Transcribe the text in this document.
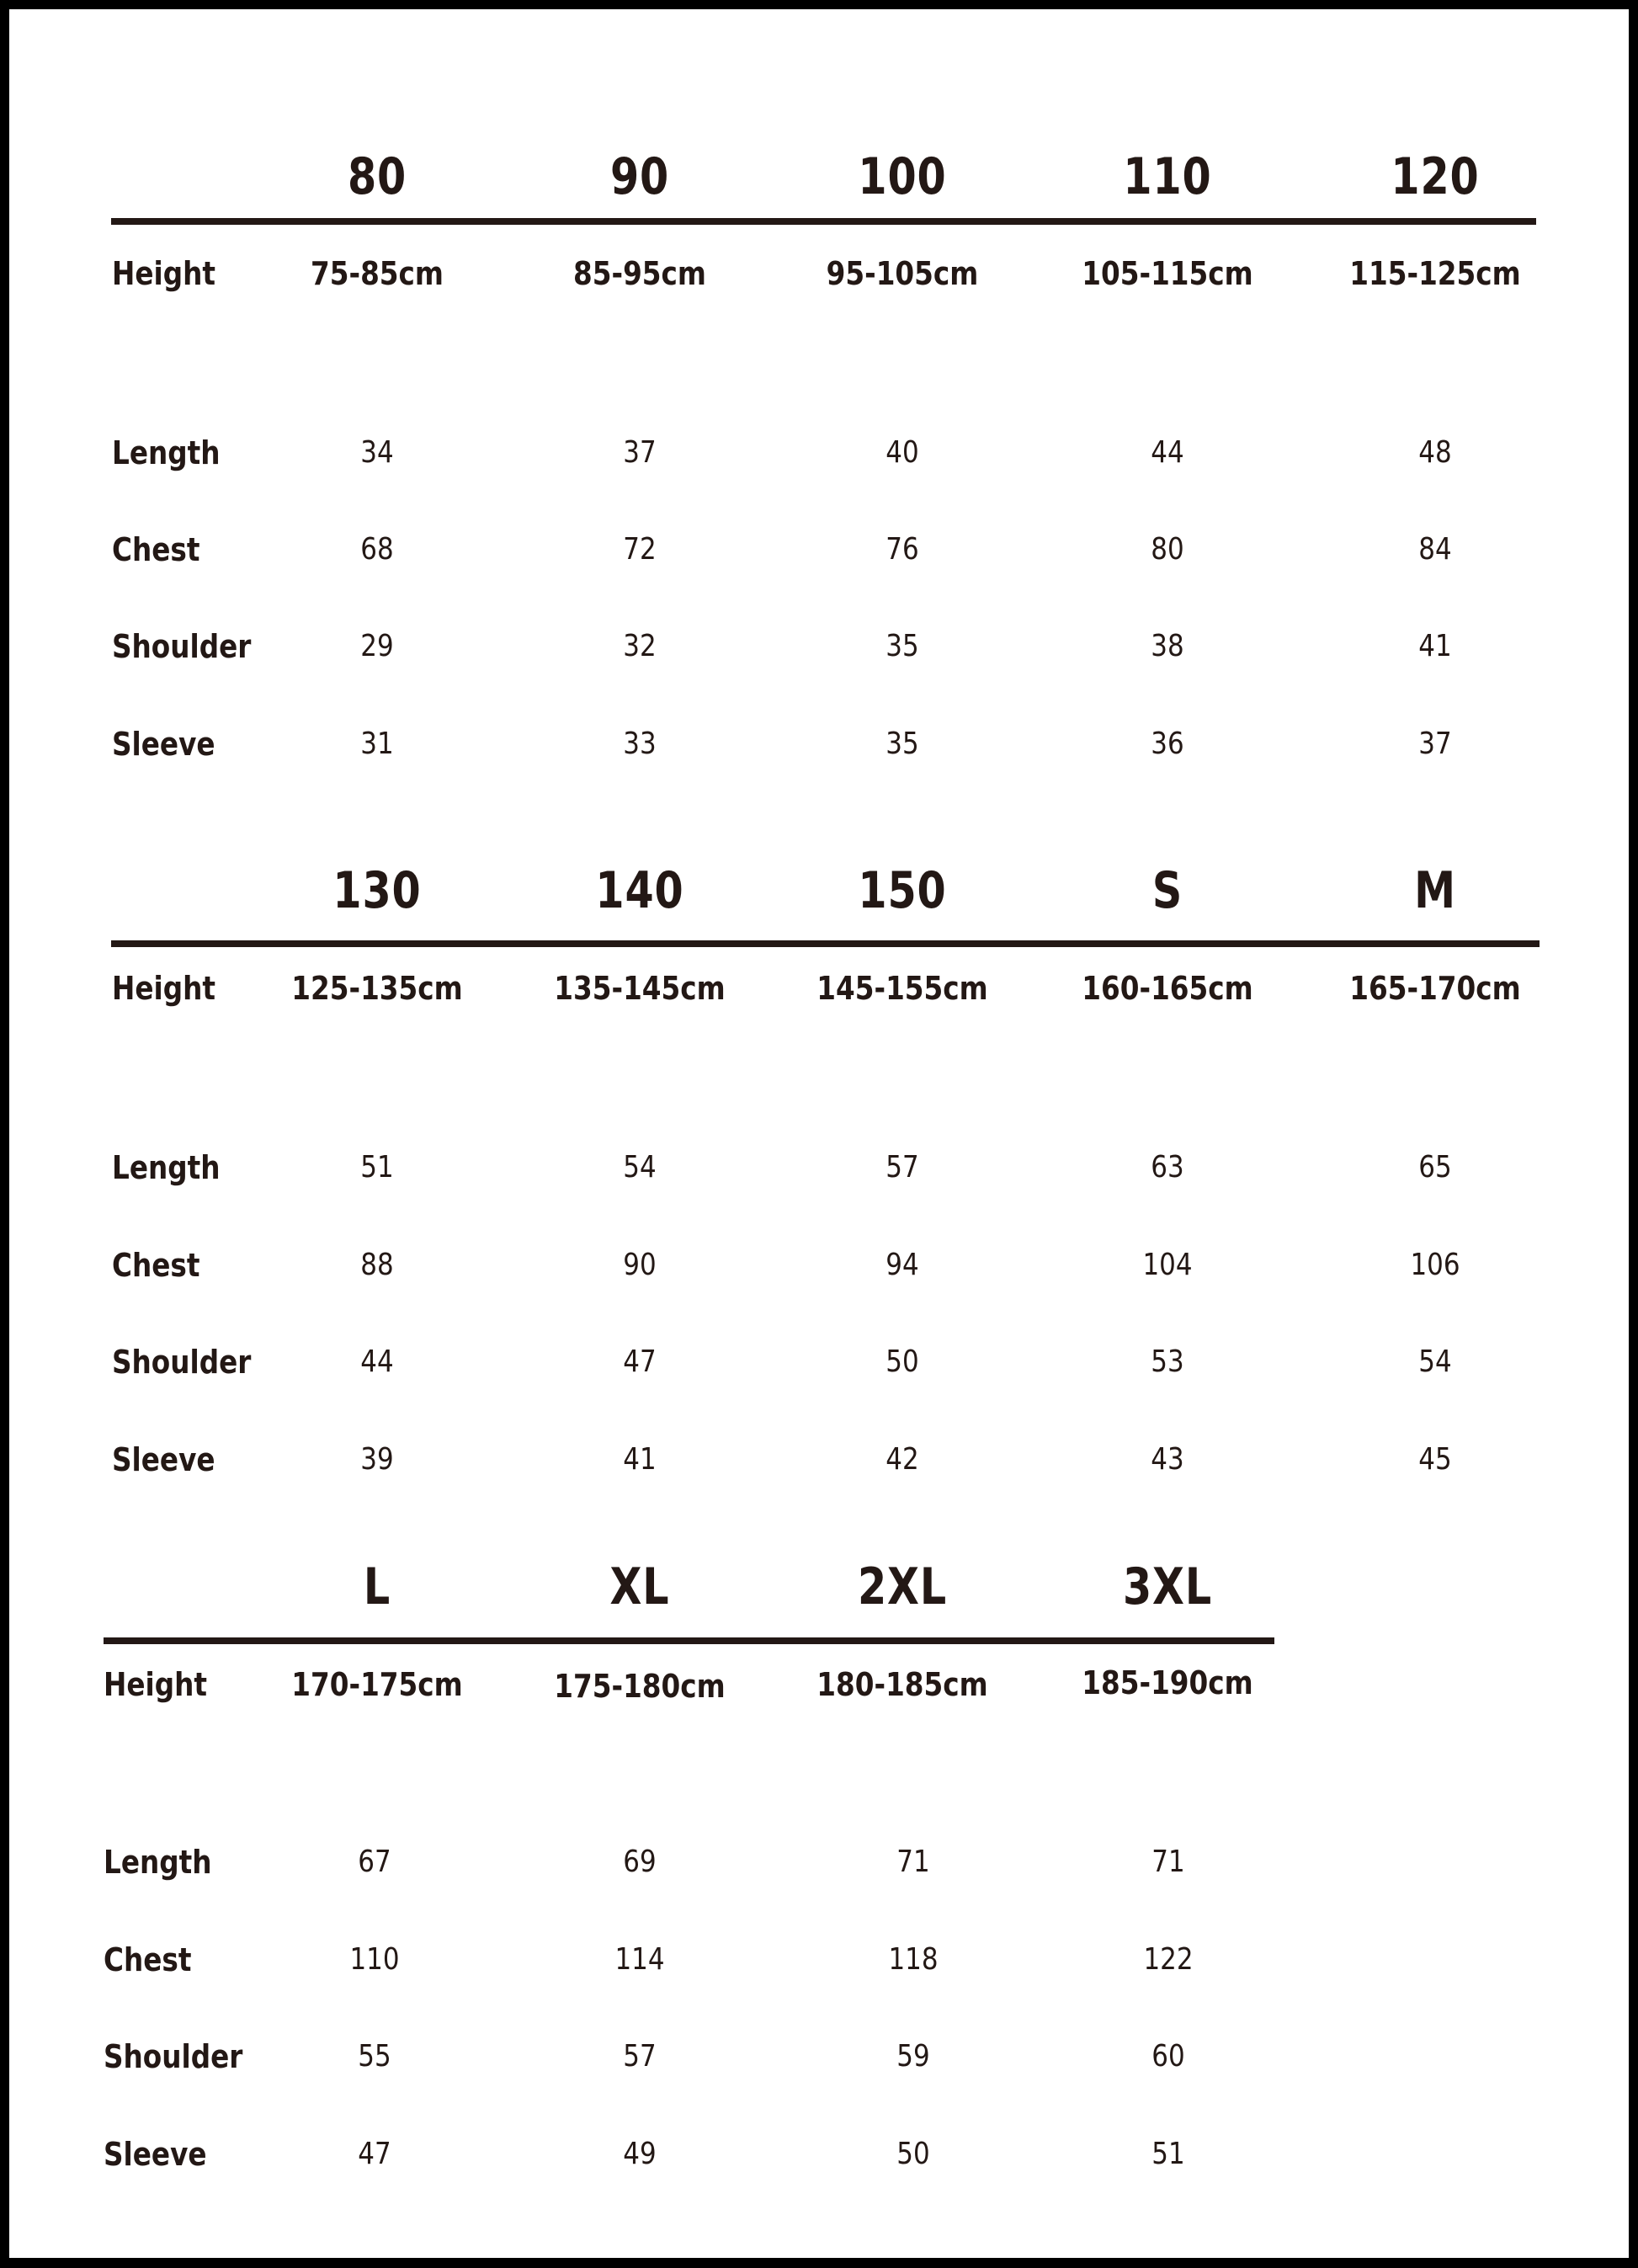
80	90	100	110	120
Height	75-85cm	85-95cm	95-105cm	105-115cm	115-125cm
Length	34	37	40	44	48
Chest	68	72	76	80	84
Shoulder	29	32	35	38	41
Sleeve	31	33	35	36	37
130	140	150	S	M
Height 125-135cm	135-145cm	145-155cm	160-165cm	165-170cm
Length	51	54	57	63	65
Chest	88	90	94	104	106
Shoulder	44	47	50	53	54
Sleeve	39	41	42	43	45
L	XL	2XL	3XL
Height	170-175cm	175-180cm	180-185cm	185-190cm
Length	67	69	71	71
Chest	110	114	118	122
Shoulder	55	57	59	60
Sleeve	47	49	50	51
